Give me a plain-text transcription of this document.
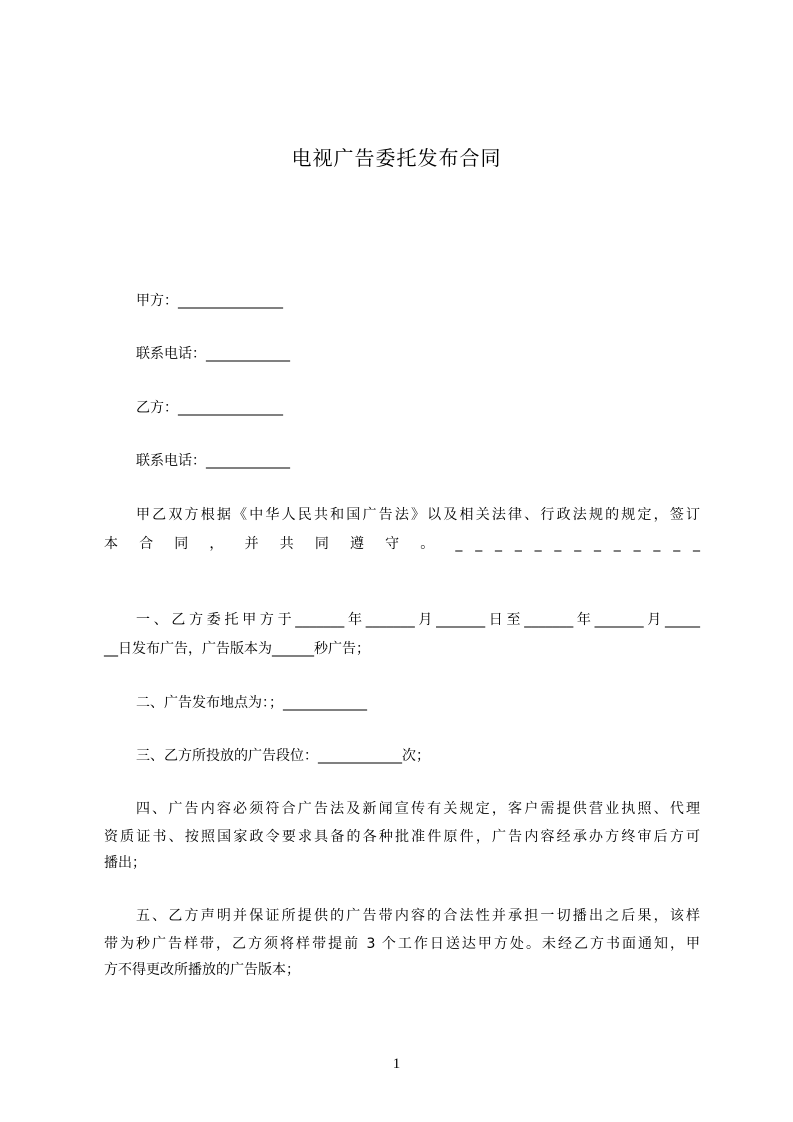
电视广告委托发布合同
甲方：_______________
联系电话：____________
乙方：_______________
联系电话：____________
甲乙双方根据《中华人民共和国广告法》以及相关法律、行政法规的规定，签订
本 合 同 ， 并 共 同 遵 守 。 _ _ _ _ _ _ _ _ _ _ _ _ _
一、乙方委托甲方于_______年_______月_______日至_______年_______月_____
__日发布广告，广告版本为______秒广告；
二、广告发布地点为：；____________
三、乙方所投放的广告段位：____________次；
四、广告内容必须符合广告法及新闻宣传有关规定，客户需提供营业执照、代理
资质证书、按照国家政令要求具备的各种批准件原件，广告内容经承办方终审后方可
播出；
五、乙方声明并保证所提供的广告带内容的合法性并承担一切播出之后果，该样
带为秒广告样带，乙方须将样带提前 3 个工作日送达甲方处。未经乙方书面通知，甲
方不得更改所播放的广告版本；
1
